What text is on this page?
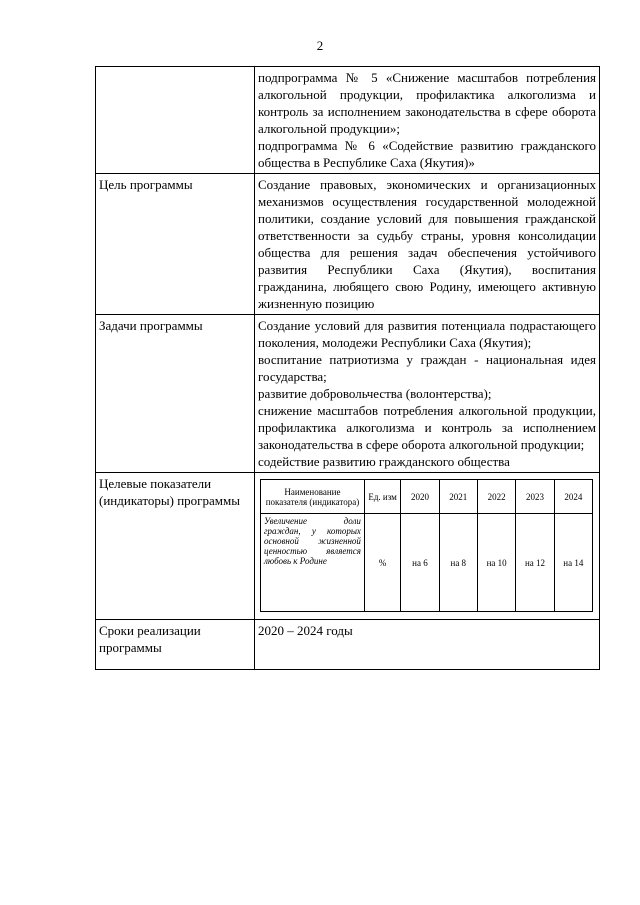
2

подпрограмма № 5 «Снижение масштабов потребления алкогольной продукции, профилактика алкоголизма и контроль за исполнением законодательства в сфере оборота алкогольной продукции»;

подпрограмма № 6 «Содействие развитию гражданского общества в Республике Саха (Якутия)»

Цель программы	Создание правовых, экономических и организационных механизмов осуществления государственной молодежной политики, создание условий для повышения гражданской ответственности за судьбу страны, уровня консолидации общества для решения задач обеспечения устойчивого развития Республики Саха (Якутия), воспитания гражданина, любящего свою Родину, имеющего активную жизненную позицию

Задачи программы	Создание условий для развития потенциала подрастающего поколения, молодежи Республики Саха (Якутия);

воспитание патриотизма у граждан - национальная идея государства;

развитие добровольчества (волонтерства);

снижение масштабов потребления алкогольной продукции, профилактика алкоголизма и контроль за исполнением законодательства в сфере оборота алкогольной продукции;

содействие развитию гражданского общества

Целевые показатели (индикаторы) программы	
Наименование показателя (индикатора)	Ед. изм	2020	2021	2022	2023	2024
Увеличение доли граждан, у которых основной жизненной ценностью является любовь к Родине	%	на 6	на 8	на 10	на 12	на 14

Сроки реализации программы	2020 – 2024 годы
